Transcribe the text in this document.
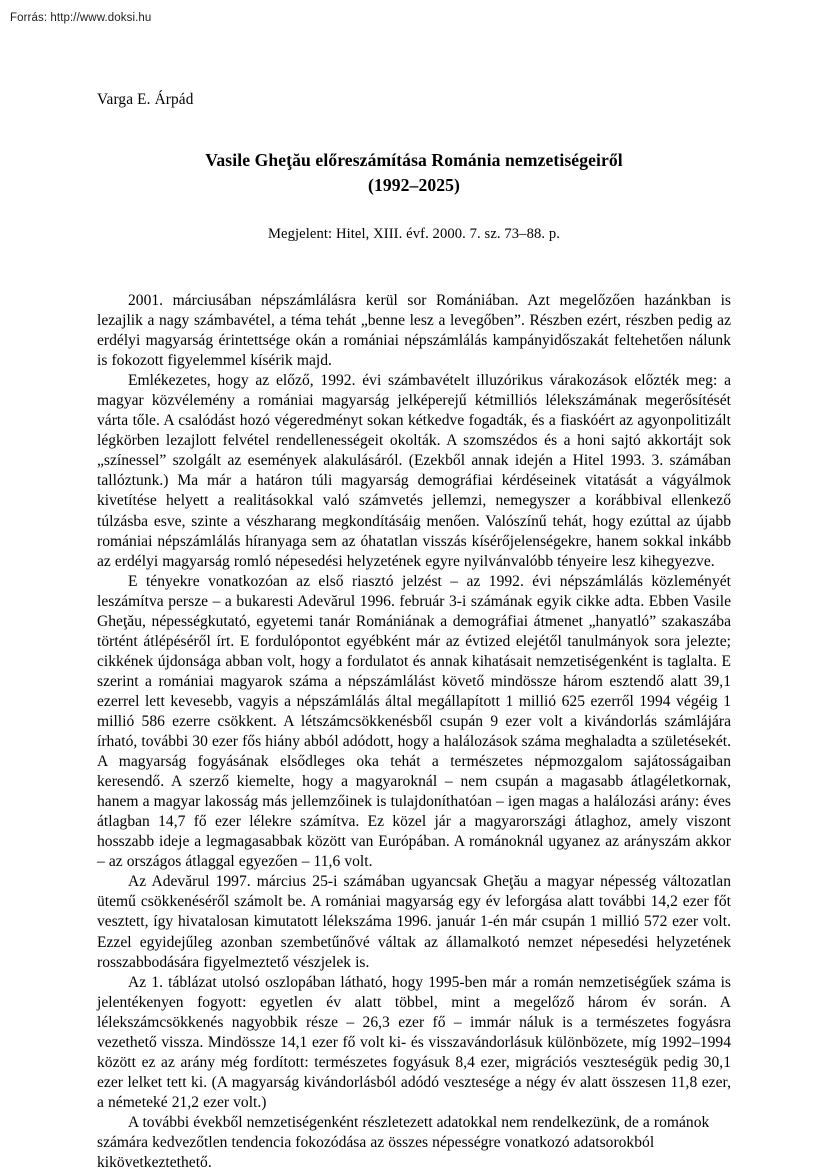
Forrás: http://www.doksi.hu

Varga E. Árpád

Vasile Gheţău előreszámítása Románia nemzetiségeiről
(1992–2025)

Megjelent: Hitel, XIII. évf. 2000. 7. sz. 73–88. p.

2001. márciusában népszámlálásra kerül sor Romániában. Azt megelőzően hazánkban is lezajlik a nagy számbavétel, a téma tehát „benne lesz a levegőben”. Részben ezért, részben pedig az erdélyi magyarság érintettsége okán a romániai népszámlálás kampányidőszakát feltehetően nálunk is fokozott figyelemmel kísérik majd.

Emlékezetes, hogy az előző, 1992. évi számbavételt illuzórikus várakozások előzték meg: a magyar közvélemény a romániai magyarság jelképerejű kétmilliós lélekszámának megerősítését várta tőle. A csalódást hozó végeredményt sokan kétkedve fogadták, és a fiaskóért az agyonpolitizált légkörben lezajlott felvétel rendellenességeit okolták. A szomszédos és a honi sajtó akkortájt sok „színessel” szolgált az események alakulásáról. (Ezekből annak idején a Hitel 1993. 3. számában tallóztunk.) Ma már a határon túli magyarság demográfiai kérdéseinek vitatását a vágyálmok kivetítése helyett a realitásokkal való számvetés jellemzi, nemegyszer a korábbival ellenkező túlzásba esve, szinte a vészharang megkondításáig menően. Valószínű tehát, hogy ezúttal az újabb romániai népszámlálás híranyaga sem az óhatatlan visszás kísérőjelenségekre, hanem sokkal inkább az erdélyi magyarság romló népesedési helyzetének egyre nyilvánvalóbb tényeire lesz kihegyezve.

E tényekre vonatkozóan az első riasztó jelzést – az 1992. évi népszámlálás közleményét leszámítva persze – a bukaresti Adevărul 1996. február 3-i számának egyik cikke adta. Ebben Vasile Gheţău, népességkutató, egyetemi tanár Romániának a demográfiai átmenet „hanyatló” szakaszába történt átlépéséről írt. E fordulópontot egyébként már az évtized elejétől tanulmányok sora jelezte; cikkének újdonsága abban volt, hogy a fordulatot és annak kihatásait nemzetiségenként is taglalta. E szerint a romániai magyarok száma a népszámlálást követő mindössze három esztendő alatt 39,1 ezerrel lett kevesebb, vagyis a népszámlálás által megállapított 1 millió 625 ezerről 1994 végéig 1 millió 586 ezerre csökkent. A létszámcsökkenésből csupán 9 ezer volt a kivándorlás számlájára írható, további 30 ezer fős hiány abból adódott, hogy a halálozások száma meghaladta a születésekét. A magyarság fogyásának elsődleges oka tehát a természetes népmozgalom sajátosságaiban keresendő. A szerző kiemelte, hogy a magyaroknál – nem csupán a magasabb átlagéletkornak, hanem a magyar lakosság más jellemzőinek is tulajdoníthatóan – igen magas a halálozási arány: éves átlagban 14,7 fő ezer lélekre számítva. Ez közel jár a magyarországi átlaghoz, amely viszont hosszabb ideje a legmagasabbak között van Európában. A románoknál ugyanez az arányszám akkor – az országos átlaggal egyezően – 11,6 volt.

Az Adevărul 1997. március 25-i számában ugyancsak Gheţău a magyar népesség változatlan ütemű csökkenéséről számolt be. A romániai magyarság egy év leforgása alatt további 14,2 ezer főt vesztett, így hivatalosan kimutatott lélekszáma 1996. január 1-én már csupán 1 millió 572 ezer volt. Ezzel egyidejűleg azonban szembetűnővé váltak az államalkotó nemzet népesedési helyzetének rosszabbodására figyelmeztető vészjelek is.

Az 1. táblázat utolsó oszlopában látható, hogy 1995-ben már a román nemzetiségűek száma is jelentékenyen fogyott: egyetlen év alatt többel, mint a megelőző három év során. A lélekszámcsökkenés nagyobbik része – 26,3 ezer fő – immár náluk is a természetes fogyásra vezethető vissza. Mindössze 14,1 ezer fő volt ki- és visszavándorlásuk különbözete, míg 1992–1994 között ez az arány még fordított: természetes fogyásuk 8,4 ezer, migrációs veszteségük pedig 30,1 ezer lelket tett ki. (A magyarság kivándorlásból adódó vesztesége a négy év alatt összesen 11,8 ezer, a németeké 21,2 ezer volt.)

A további évekből nemzetiségenként részletezett adatokkal nem rendelkezünk, de a románok számára kedvezőtlen tendencia fokozódása az összes népességre vonatkozó adatsorokból kikövetkeztethető.
